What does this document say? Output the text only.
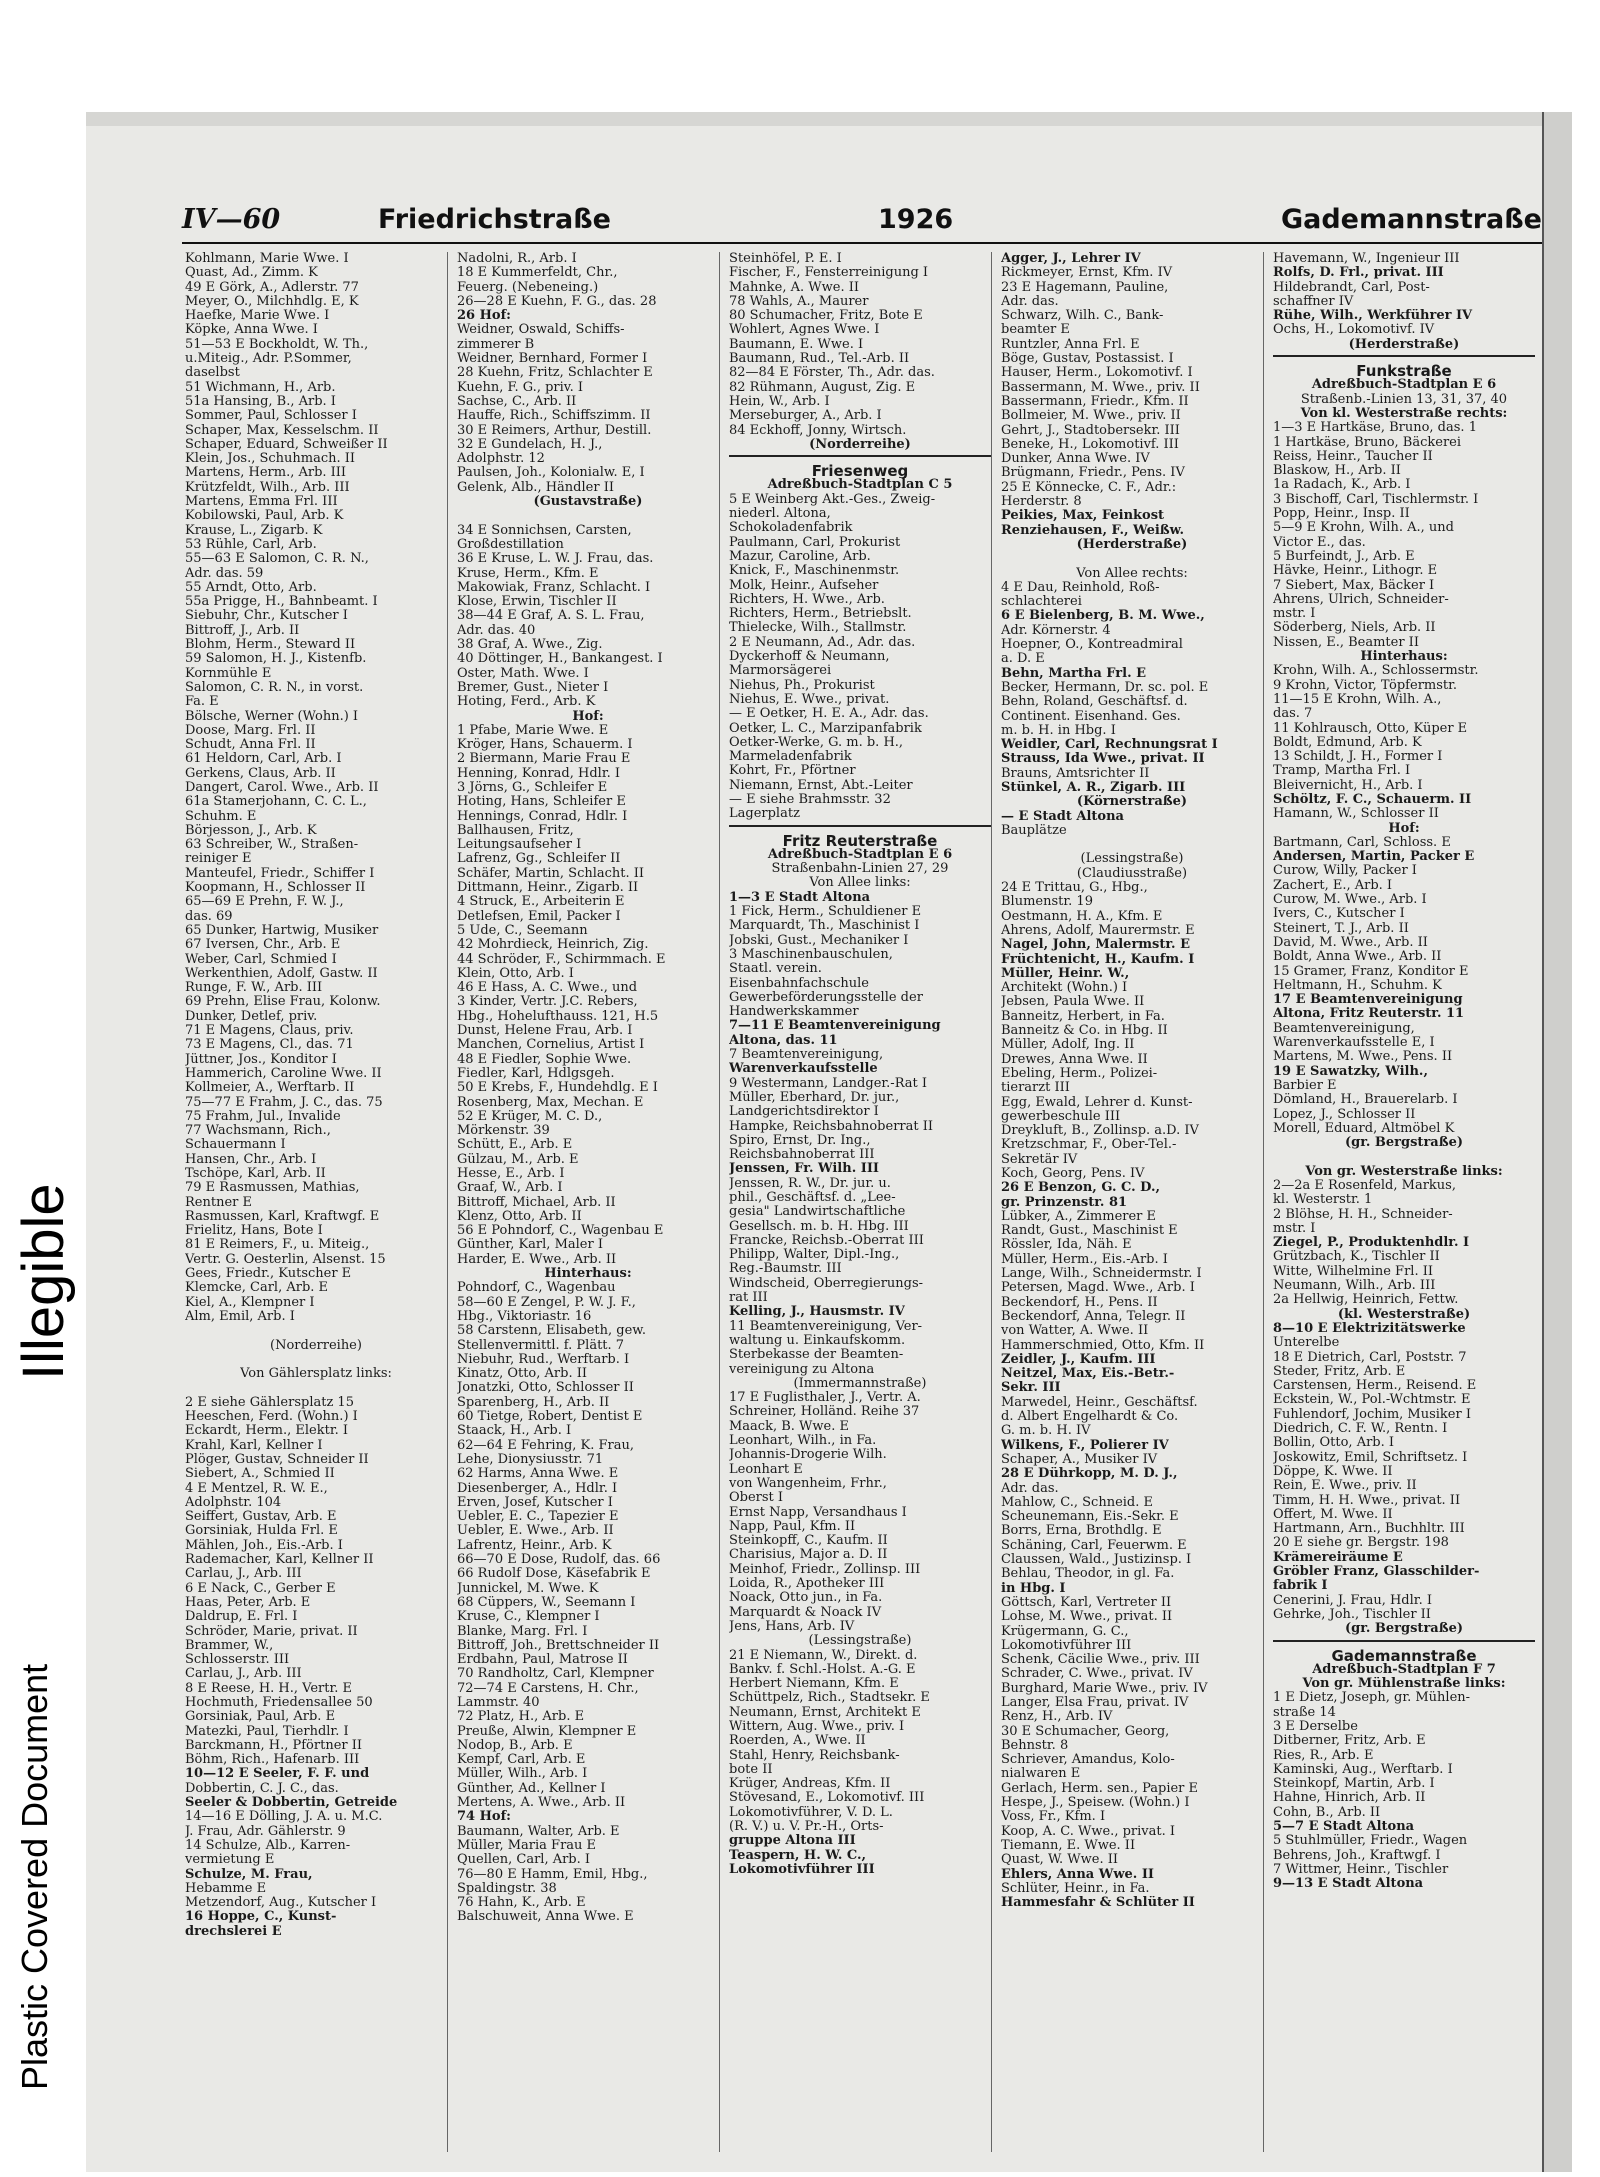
Illegible
Plastic Covered Document
IV—60	Friedrichstraße	1926	Gademannstraße
Kohlmann, Marie Wwe. I
Quast, Ad., Zimm. K
49 E Görk, A., Adlerstr. 77
Meyer, O., Milchhdlg. E, K
Haefke, Marie Wwe. I
Köpke, Anna Wwe. I
51—53 E Bockholdt, W. Th.,
u.Miteig., Adr. P.Sommer,
daselbst
51 Wichmann, H., Arb.
51a Hansing, B., Arb. I
Sommer, Paul, Schlosser I
Schaper, Max, Kesselschm. II
Schaper, Eduard, Schweißer II
Klein, Jos., Schuhmach. II
Martens, Herm., Arb. III
Krützfeldt, Wilh., Arb. III
Martens, Emma Frl. III
Kobilowski, Paul, Arb. K
Krause, L., Zigarb. K
53 Rühle, Carl, Arb.
55—63 E Salomon, C. R. N.,
Adr. das. 59
55 Arndt, Otto, Arb.
55a Prigge, H., Bahnbeamt. I
Siebuhr, Chr., Kutscher I
Bittroff, J., Arb. II
Blohm, Herm., Steward II
59 Salomon, H. J., Kistenfb.
Kornmühle E
Salomon, C. R. N., in vorst.
Fa. E
Bölsche, Werner (Wohn.) I
Doose, Marg. Frl. II
Schudt, Anna Frl. II
61 Heldorn, Carl, Arb. I
Gerkens, Claus, Arb. II
Dangert, Carol. Wwe., Arb. II
61a Stamerjohann, C. C. L.,
Schuhm. E
Börjesson, J., Arb. K
63 Schreiber, W., Straßen-
reiniger E
Manteufel, Friedr., Schiffer I
Koopmann, H., Schlosser II
65—69 E Prehn, F. W. J.,
das. 69
65 Dunker, Hartwig, Musiker
67 Iversen, Chr., Arb. E
Weber, Carl, Schmied I
Werkenthien, Adolf, Gastw. II
Runge, F. W., Arb. III
69 Prehn, Elise Frau, Kolonw.
Dunker, Detlef, priv.
71 E Magens, Claus, priv.
73 E Magens, Cl., das. 71
Jüttner, Jos., Konditor I
Hammerich, Caroline Wwe. II
Kollmeier, A., Werftarb. II
75—77 E Frahm, J. C., das. 75
75 Frahm, Jul., Invalide
77 Wachsmann, Rich.,
Schauermann I
Hansen, Chr., Arb. I
Tschöpe, Karl, Arb. II
79 E Rasmussen, Mathias,
Rentner E
Rasmussen, Karl, Kraftwgf. E
Frielitz, Hans, Bote I
81 E Reimers, F., u. Miteig.,
Vertr. G. Oesterlin, Alsenst. 15
Gees, Friedr., Kutscher E
Klemcke, Carl, Arb. E
Kiel, A., Klempner I
Alm, Emil, Arb. I
(Norderreihe)
Von Gählersplatz links:
2 E siehe Gählersplatz 15
Heeschen, Ferd. (Wohn.) I
Eckardt, Herm., Elektr. I
Krahl, Karl, Kellner I
Plöger, Gustav, Schneider II
Siebert, A., Schmied II
4 E Mentzel, R. W. E.,
Adolphstr. 104
Seiffert, Gustav, Arb. E
Gorsiniak, Hulda Frl. E
Mählen, Joh., Eis.-Arb. I
Rademacher, Karl, Kellner II
Carlau, J., Arb. III
6 E Nack, C., Gerber E
Haas, Peter, Arb. E
Daldrup, E. Frl. I
Schröder, Marie, privat. II
Brammer, W.,
Schlosserstr. III
Carlau, J., Arb. III
8 E Reese, H. H., Vertr. E
Hochmuth, Friedensallee 50
Gorsiniak, Paul, Arb. E
Matezki, Paul, Tierhdlr. I
Barckmann, H., Pförtner II
Böhm, Rich., Hafenarb. III
10—12 E Seeler, F. F. und
Dobbertin, C. J. C., das.
Seeler & Dobbertin, Getreide
14—16 E Dölling, J. A. u. M.C.
J. Frau, Adr. Gählerstr. 9
14 Schulze, Alb., Karren-
vermietung E
Schulze, M. Frau,
Hebamme E
Metzendorf, Aug., Kutscher I
16 Hoppe, C., Kunst-
drechslerei E
Nadolni, R., Arb. I
18 E Kummerfeldt, Chr.,
Feuerg. (Nebeneing.)
26—28 E Kuehn, F. G., das. 28
26 Hof:
Weidner, Oswald, Schiffs-
zimmerer B
Weidner, Bernhard, Former I
28 Kuehn, Fritz, Schlachter E
Kuehn, F. G., priv. I
Sachse, C., Arb. II
Hauffe, Rich., Schiffszimm. II
30 E Reimers, Arthur, Destill.
32 E Gundelach, H. J.,
Adolphstr. 12
Paulsen, Joh., Kolonialw. E, I
Gelenk, Alb., Händler II
(Gustavstraße)
34 E Sonnichsen, Carsten,
Großdestillation
36 E Kruse, L. W. J. Frau, das.
Kruse, Herm., Kfm. E
Makowiak, Franz, Schlacht. I
Klose, Erwin, Tischler II
38—44 E Graf, A. S. L. Frau,
Adr. das. 40
38 Graf, A. Wwe., Zig.
40 Döttinger, H., Bankangest. I
Oster, Math. Wwe. I
Bremer, Gust., Nieter I
Hoting, Ferd., Arb. K
Hof:
1 Pfabe, Marie Wwe. E
Kröger, Hans, Schauerm. I
2 Biermann, Marie Frau E
Henning, Konrad, Hdlr. I
3 Jörns, G., Schleifer E
Hoting, Hans, Schleifer E
Hennings, Conrad, Hdlr. I
Ballhausen, Fritz,
Leitungsaufseher I
Lafrenz, Gg., Schleifer II
Schäfer, Martin, Schlacht. II
Dittmann, Heinr., Zigarb. II
4 Struck, E., Arbeiterin E
Detlefsen, Emil, Packer I
5 Ude, C., Seemann
42 Mohrdieck, Heinrich, Zig.
44 Schröder, F., Schirmmach. E
Klein, Otto, Arb. I
46 E Hass, A. C. Wwe., und
3 Kinder, Vertr. J.C. Rebers,
Hbg., Hohelufthauss. 121, H.5
Dunst, Helene Frau, Arb. I
Manchen, Cornelius, Artist I
48 E Fiedler, Sophie Wwe.
Fiedler, Karl, Hdlgsgeh.
50 E Krebs, F., Hundehdlg. E I
Rosenberg, Max, Mechan. E
52 E Krüger, M. C. D.,
Mörkenstr. 39
Schütt, E., Arb. E
Gülzau, M., Arb. E
Hesse, E., Arb. I
Graaf, W., Arb. I
Bittroff, Michael, Arb. II
Klenz, Otto, Arb. II
56 E Pohndorf, C., Wagenbau E
Günther, Karl, Maler I
Harder, E. Wwe., Arb. II
Hinterhaus:
Pohndorf, C., Wagenbau
58—60 E Zengel, P. W. J. F.,
Hbg., Viktoriastr. 16
58 Carstenn, Elisabeth, gew.
Stellenvermittl. f. Plätt. 7
Niebuhr, Rud., Werftarb. I
Kinatz, Otto, Arb. II
Jonatzki, Otto, Schlosser II
Sparenberg, H., Arb. II
60 Tietge, Robert, Dentist E
Staack, H., Arb. I
62—64 E Fehring, K. Frau,
Lehe, Dionysiusstr. 71
62 Harms, Anna Wwe. E
Diesenberger, A., Hdlr. I
Erven, Josef, Kutscher I
Uebler, E. C., Tapezier E
Uebler, E. Wwe., Arb. II
Lafrentz, Heinr., Arb. K
66—70 E Dose, Rudolf, das. 66
66 Rudolf Dose, Käsefabrik E
Junnickel, M. Wwe. K
68 Cüppers, W., Seemann I
Kruse, C., Klempner I
Blanke, Marg. Frl. I
Bittroff, Joh., Brettschneider II
Erdbahn, Paul, Matrose II
70 Randholtz, Carl, Klempner
72—74 E Carstens, H. Chr.,
Lammstr. 40
72 Platz, H., Arb. E
Preuße, Alwin, Klempner E
Nodop, B., Arb. E
Kempf, Carl, Arb. E
Müller, Wilh., Arb. I
Günther, Ad., Kellner I
Mertens, A. Wwe., Arb. II
74 Hof:
Baumann, Walter, Arb. E
Müller, Maria Frau E
Quellen, Carl, Arb. I
76—80 E Hamm, Emil, Hbg.,
Spaldingstr. 38
76 Hahn, K., Arb. E
Balschuweit, Anna Wwe. E
Steinhöfel, P. E. I
Fischer, F., Fensterreinigung I
Mahnke, A. Wwe. II
78 Wahls, A., Maurer
80 Schumacher, Fritz, Bote E
Wohlert, Agnes Wwe. I
Baumann, E. Wwe. I
Baumann, Rud., Tel.-Arb. II
82—84 E Förster, Th., Adr. das.
82 Rühmann, August, Zig. E
Hein, W., Arb. I
Merseburger, A., Arb. I
84 Eckhoff, Jonny, Wirtsch.
(Norderreihe)
Friesenweg
Adreßbuch-Stadtplan C 5
5 E Weinberg Akt.-Ges., Zweig-
niederl. Altona,
Schokoladenfabrik
Paulmann, Carl, Prokurist
Mazur, Caroline, Arb.
Knick, F., Maschinenmstr.
Molk, Heinr., Aufseher
Richters, H. Wwe., Arb.
Richters, Herm., Betriebslt.
Thielecke, Wilh., Stallmstr.
2 E Neumann, Ad., Adr. das.
Dyckerhoff & Neumann,
Marmorsägerei
Niehus, Ph., Prokurist
Niehus, E. Wwe., privat.
— E Oetker, H. E. A., Adr. das.
Oetker, L. C., Marzipanfabrik
Oetker-Werke, G. m. b. H.,
Marmeladenfabrik
Kohrt, Fr., Pförtner
Niemann, Ernst, Abt.-Leiter
— E siehe Brahmsstr. 32
Lagerplatz
Fritz Reuterstraße
Adreßbuch-Stadtplan E 6
Straßenbahn-Linien 27, 29
Von Allee links:
1—3 E Stadt Altona
1 Fick, Herm., Schuldiener E
Marquardt, Th., Maschinist I
Jobski, Gust., Mechaniker I
3 Maschinenbauschulen,
Staatl. verein.
Eisenbahnfachschule
Gewerbeförderungsstelle der
Handwerkskammer
7—11 E Beamtenvereinigung
Altona, das. 11
7 Beamtenvereinigung,
Warenverkaufsstelle
9 Westermann, Landger.-Rat I
Müller, Eberhard, Dr. jur.,
Landgerichtsdirektor I
Hampke, Reichsbahnoberrat II
Spiro, Ernst, Dr. Ing.,
Reichsbahnoberrat III
Jenssen, Fr. Wilh. III
Jenssen, R. W., Dr. jur. u.
phil., Geschäftsf. d. „Lee-
gesia" Landwirtschaftliche
Gesellsch. m. b. H. Hbg. III
Francke, Reichsb.-Oberrat III
Philipp, Walter, Dipl.-Ing.,
Reg.-Baumstr. III
Windscheid, Oberregierungs-
rat III
Kelling, J., Hausmstr. IV
11 Beamtenvereinigung, Ver-
waltung u. Einkaufskomm.
Sterbekasse der Beamten-
vereinigung zu Altona
(Immermannstraße)
17 E Fuglisthaler, J., Vertr. A.
Schreiner, Holländ. Reihe 37
Maack, B. Wwe. E
Leonhart, Wilh., in Fa.
Johannis-Drogerie Wilh.
Leonhart E
von Wangenheim, Frhr.,
Oberst I
Ernst Napp, Versandhaus I
Napp, Paul, Kfm. II
Steinkopff, C., Kaufm. II
Charisius, Major a. D. II
Meinhof, Friedr., Zollinsp. III
Loida, R., Apotheker III
Noack, Otto jun., in Fa.
Marquardt & Noack IV
Jens, Hans, Arb. IV
(Lessingstraße)
21 E Niemann, W., Direkt. d.
Bankv. f. Schl.-Holst. A.-G. E
Herbert Niemann, Kfm. E
Schüttpelz, Rich., Stadtsekr. E
Neumann, Ernst, Architekt E
Wittern, Aug. Wwe., priv. I
Roerden, A., Wwe. II
Stahl, Henry, Reichsbank-
bote II
Krüger, Andreas, Kfm. II
Stövesand, E., Lokomotivf. III
Lokomotivführer, V. D. L.
(R. V.) u. V. Pr.-H., Orts-
gruppe Altona III
Teaspern, H. W. C.,
Lokomotivführer III
Agger, J., Lehrer IV
Rickmeyer, Ernst, Kfm. IV
23 E Hagemann, Pauline,
Adr. das.
Schwarz, Wilh. C., Bank-
beamter E
Runtzler, Anna Frl. E
Böge, Gustav, Postassist. I
Hauser, Herm., Lokomotivf. I
Bassermann, M. Wwe., priv. II
Bassermann, Friedr., Kfm. II
Bollmeier, M. Wwe., priv. II
Gehrt, J., Stadtobersekr. III
Beneke, H., Lokomotivf. III
Dunker, Anna Wwe. IV
Brügmann, Friedr., Pens. IV
25 E Könnecke, C. F., Adr.:
Herderstr. 8
Peikies, Max, Feinkost
Renziehausen, F., Weißw.
(Herderstraße)
Von Allee rechts:
4 E Dau, Reinhold, Roß-
schlachterei
6 E Bielenberg, B. M. Wwe.,
Adr. Körnerstr. 4
Hoepner, O., Kontreadmiral
a. D. E
Behn, Martha Frl. E
Becker, Hermann, Dr. sc. pol. E
Behn, Roland, Geschäftsf. d.
Continent. Eisenhand. Ges.
m. b. H. in Hbg. I
Weidler, Carl, Rechnungsrat I
Strauss, Ida Wwe., privat. II
Brauns, Amtsrichter II
Stünkel, A. R., Zigarb. III
(Körnerstraße)
— E Stadt Altona
Bauplätze
(Lessingstraße)
(Claudiusstraße)
24 E Trittau, G., Hbg.,
Blumenstr. 19
Oestmann, H. A., Kfm. E
Ahrens, Adolf, Maurermstr. E
Nagel, John, Malermstr. E
Früchtenicht, H., Kaufm. I
Müller, Heinr. W.,
Architekt (Wohn.) I
Jebsen, Paula Wwe. II
Banneitz, Herbert, in Fa.
Banneitz & Co. in Hbg. II
Müller, Adolf, Ing. II
Drewes, Anna Wwe. II
Ebeling, Herm., Polizei-
tierarzt III
Egg, Ewald, Lehrer d. Kunst-
gewerbeschule III
Dreykluft, B., Zollinsp. a.D. IV
Kretzschmar, F., Ober-Tel.-
Sekretär IV
Koch, Georg, Pens. IV
26 E Benzon, G. C. D.,
gr. Prinzenstr. 81
Lübker, A., Zimmerer E
Randt, Gust., Maschinist E
Rössler, Ida, Näh. E
Müller, Herm., Eis.-Arb. I
Lange, Wilh., Schneidermstr. I
Petersen, Magd. Wwe., Arb. I
Beckendorf, H., Pens. II
Beckendorf, Anna, Telegr. II
von Watter, A. Wwe. II
Hammerschmied, Otto, Kfm. II
Zeidler, J., Kaufm. III
Neitzel, Max, Eis.-Betr.-
Sekr. III
Marwedel, Heinr., Geschäftsf.
d. Albert Engelhardt & Co.
G. m. b. H. IV
Wilkens, F., Polierer IV
Schaper, A., Musiker IV
28 E Dührkopp, M. D. J.,
Adr. das.
Mahlow, C., Schneid. E
Scheunemann, Eis.-Sekr. E
Borrs, Erna, Brothdlg. E
Schäning, Carl, Feuerwm. E
Claussen, Wald., Justizinsp. I
Behlau, Theodor, in gl. Fa.
in Hbg. I
Göttsch, Karl, Vertreter II
Lohse, M. Wwe., privat. II
Krügermann, G. C.,
Lokomotivführer III
Schenk, Cäcilie Wwe., priv. III
Schrader, C. Wwe., privat. IV
Burghard, Marie Wwe., priv. IV
Langer, Elsa Frau, privat. IV
Renz, H., Arb. IV
30 E Schumacher, Georg,
Behnstr. 8
Schriever, Amandus, Kolo-
nialwaren E
Gerlach, Herm. sen., Papier E
Hespe, J., Speisew. (Wohn.) I
Voss, Fr., Kfm. I
Koop, A. C. Wwe., privat. I
Tiemann, E. Wwe. II
Quast, W. Wwe. II
Ehlers, Anna Wwe. II
Schlüter, Heinr., in Fa.
Hammesfahr & Schlüter II
Havemann, W., Ingenieur III
Rolfs, D. Frl., privat. III
Hildebrandt, Carl, Post-
schaffner IV
Rühe, Wilh., Werkführer IV
Ochs, H., Lokomotivf. IV
(Herderstraße)
Funkstraße
Adreßbuch-Stadtplan E 6
Straßenb.-Linien 13, 31, 37, 40
Von kl. Westerstraße rechts:
1—3 E Hartkäse, Bruno, das. 1
1 Hartkäse, Bruno, Bäckerei
Reiss, Heinr., Taucher II
Blaskow, H., Arb. II
1a Radach, K., Arb. I
3 Bischoff, Carl, Tischlermstr. I
Popp, Heinr., Insp. II
5—9 E Krohn, Wilh. A., und
Victor E., das.
5 Burfeindt, J., Arb. E
Hävke, Heinr., Lithogr. E
7 Siebert, Max, Bäcker I
Ahrens, Ulrich, Schneider-
mstr. I
Söderberg, Niels, Arb. II
Nissen, E., Beamter II
Hinterhaus:
Krohn, Wilh. A., Schlossermstr.
9 Krohn, Victor, Töpfermstr.
11—15 E Krohn, Wilh. A.,
das. 7
11 Kohlrausch, Otto, Küper E
Boldt, Edmund, Arb. K
13 Schildt, J. H., Former I
Tramp, Martha Frl. I
Bleivernicht, H., Arb. I
Schöltz, F. C., Schauerm. II
Hamann, W., Schlosser II
Hof:
Bartmann, Carl, Schloss. E
Andersen, Martin, Packer E
Curow, Willy, Packer I
Zachert, E., Arb. I
Curow, M. Wwe., Arb. I
Ivers, C., Kutscher I
Steinert, T. J., Arb. II
David, M. Wwe., Arb. II
Boldt, Anna Wwe., Arb. II
15 Gramer, Franz, Konditor E
Heltmann, H., Schuhm. K
17 E Beamtenvereinigung
Altona, Fritz Reuterstr. 11
Beamtenvereinigung,
Warenverkaufsstelle E, I
Martens, M. Wwe., Pens. II
19 E Sawatzky, Wilh.,
Barbier E
Dömland, H., Brauerelarb. I
Lopez, J., Schlosser II
Morell, Eduard, Altmöbel K
(gr. Bergstraße)
Von gr. Westerstraße links:
2—2a E Rosenfeld, Markus,
kl. Westerstr. 1
2 Blöhse, H. H., Schneider-
mstr. I
Ziegel, P., Produktenhdlr. I
Grützbach, K., Tischler II
Witte, Wilhelmine Frl. II
Neumann, Wilh., Arb. III
2a Hellwig, Heinrich, Fettw.
(kl. Westerstraße)
8—10 E Elektrizitätswerke
Unterelbe
18 E Dietrich, Carl, Poststr. 7
Steder, Fritz, Arb. E
Carstensen, Herm., Reisend. E
Eckstein, W., Pol.-Wchtmstr. E
Fuhlendorf, Jochim, Musiker I
Diedrich, C. F. W., Rentn. I
Bollin, Otto, Arb. I
Joskowitz, Emil, Schriftsetz. I
Döppe, K. Wwe. II
Rein, E. Wwe., priv. II
Timm, H. H. Wwe., privat. II
Offert, M. Wwe. II
Hartmann, Arn., Buchhltr. III
20 E siehe gr. Bergstr. 198
Krämereiräume E
Gröbler Franz, Glasschilder-
fabrik I
Cenerini, J. Frau, Hdlr. I
Gehrke, Joh., Tischler II
(gr. Bergstraße)
Gademannstraße
Adreßbuch-Stadtplan F 7
Von gr. Mühlenstraße links:
1 E Dietz, Joseph, gr. Mühlen-
straße 14
3 E Derselbe
Ditberner, Fritz, Arb. E
Ries, R., Arb. E
Kaminski, Aug., Werftarb. I
Steinkopf, Martin, Arb. I
Hahne, Hinrich, Arb. II
Cohn, B., Arb. II
5—7 E Stadt Altona
5 Stuhlmüller, Friedr., Wagen
Behrens, Joh., Kraftwgf. I
7 Wittmer, Heinr., Tischler
9—13 E Stadt Altona
